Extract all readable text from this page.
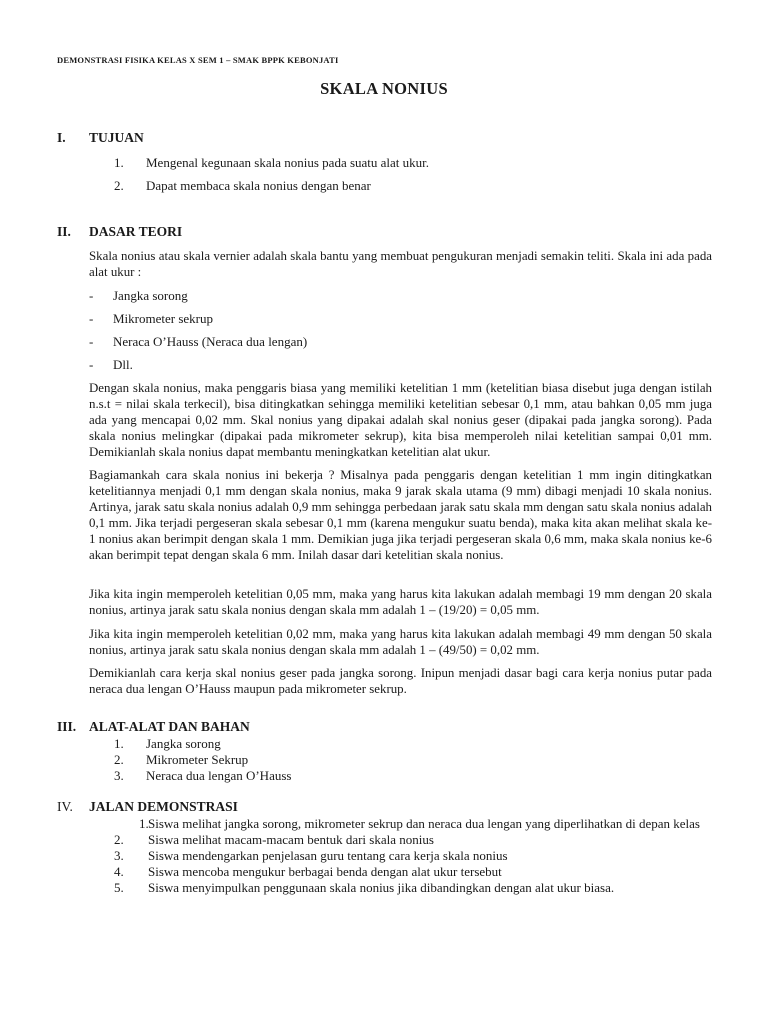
DEMONSTRASI FISIKA KELAS X SEM 1 – SMAK BPPK KEBONJATI
SKALA NONIUS
I. TUJUAN
1. Mengenal kegunaan skala nonius pada suatu alat ukur.
2. Dapat membaca skala nonius dengan benar
II. DASAR TEORI
Skala nonius atau skala vernier adalah skala bantu yang membuat pengukuran menjadi semakin teliti. Skala ini ada pada alat ukur :
- Jangka sorong
- Mikrometer sekrup
- Neraca O’Hauss (Neraca dua lengan)
- Dll.
Dengan skala nonius, maka penggaris biasa yang memiliki ketelitian 1 mm (ketelitian biasa disebut juga dengan istilah n.s.t = nilai skala terkecil), bisa ditingkatkan sehingga memiliki ketelitian sebesar 0,1 mm, atau bahkan 0,05 mm juga ada yang mencapai 0,02 mm. Skal nonius yang dipakai adalah skal nonius geser (dipakai pada jangka sorong). Pada skala nonius melingkar (dipakai pada mikrometer sekrup), kita bisa memperoleh nilai ketelitian sampai 0,01 mm. Demikianlah skala nonius dapat membantu meningkatkan ketelitian alat ukur.
Bagiamankah cara skala nonius ini bekerja ? Misalnya pada penggaris dengan ketelitian 1 mm ingin ditingkatkan ketelitiannya menjadi 0,1 mm dengan skala nonius, maka 9 jarak skala utama (9 mm) dibagi menjadi 10 skala nonius. Artinya, jarak satu skala nonius adalah 0,9 mm sehingga perbedaan jarak satu skala mm dengan satu skala nonius adalah 0,1 mm. Jika terjadi pergeseran skala sebesar 0,1 mm (karena mengukur suatu benda), maka kita akan melihat skala ke-1 nonius akan berimpit dengan skala 1 mm. Demikian juga jika terjadi pergeseran skala 0,6 mm, maka skala nonius ke-6 akan berimpit tepat dengan skala 6 mm. Inilah dasar dari ketelitian skala nonius.
Jika kita ingin memperoleh ketelitian 0,05 mm, maka yang harus kita lakukan adalah membagi 19 mm dengan 20 skala nonius, artinya jarak satu skala nonius dengan skala mm adalah 1 – (19/20) = 0,05 mm.
Jika kita ingin memperoleh ketelitian 0,02 mm, maka yang harus kita lakukan adalah membagi 49 mm dengan 50 skala nonius, artinya jarak satu skala nonius dengan skala mm adalah 1 – (49/50) = 0,02 mm.
Demikianlah cara kerja skal nonius geser pada jangka sorong. Inipun menjadi dasar bagi cara kerja nonius putar pada neraca dua lengan O’Hauss maupun pada mikrometer sekrup.
III. ALAT-ALAT DAN BAHAN
1. Jangka sorong
2. Mikrometer Sekrup
3. Neraca dua lengan O’Hauss
IV. JALAN DEMONSTRASI
1.Siswa melihat jangka sorong, mikrometer sekrup dan neraca dua lengan yang diperlihatkan di depan kelas
2. Siswa melihat macam-macam bentuk dari skala nonius
3. Siswa mendengarkan penjelasan guru tentang cara kerja skala nonius
4. Siswa mencoba mengukur berbagai benda dengan alat ukur tersebut
5. Siswa menyimpulkan penggunaan skala nonius jika dibandingkan dengan alat ukur biasa.
